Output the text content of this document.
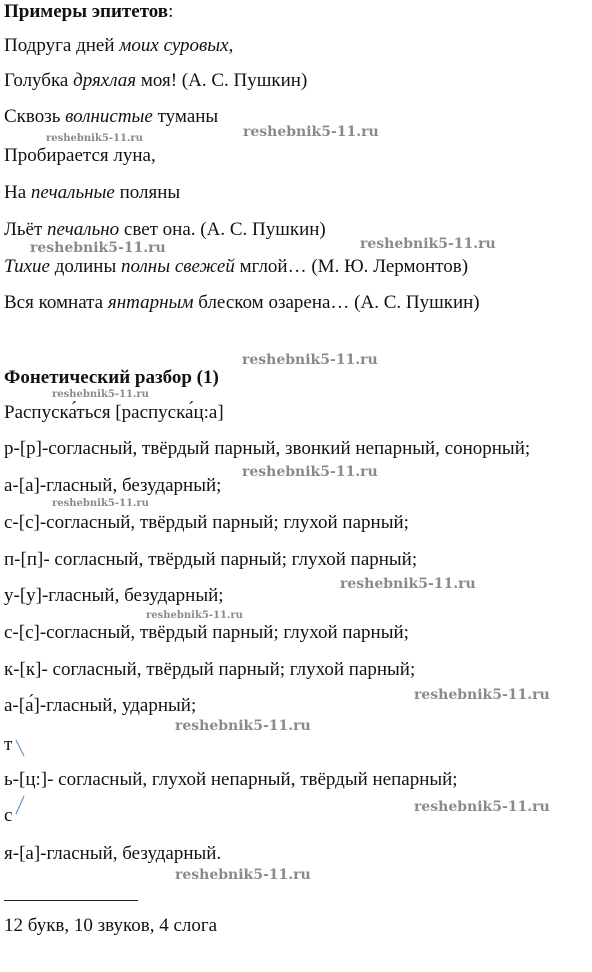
Примеры эпитетов:
Подруга дней моих суровых,
Голубка дряхлая моя! (А. С. Пушкин)
Сквозь волнистые туманы
Пробирается луна,
На печальные поляны
Льёт печально свет она. (А. С. Пушкин)
Тихие долины полны свежей мглой… (М. Ю. Лермонтов)
Вся комната янтарным блеском озарена… (А. С. Пушкин)
Фонетический разбор (1)
Распуска́ться [распуска́ц:а]
р-[р]-согласный, твёрдый парный, звонкий непарный, сонорный;
а-[а]-гласный, безударный;
с-[с]-согласный, твёрдый парный; глухой парный;
п-[п]- согласный, твёрдый парный; глухой парный;
у-[у]-гласный, безударный;
с-[с]-согласный, твёрдый парный; глухой парный;
к-[к]- согласный, твёрдый парный; глухой парный;
а-[а́]-гласный, ударный;
т
ь-[ц:]- согласный, глухой непарный, твёрдый непарный;
с
я-[а]-гласный, безударный.
12 букв, 10 звуков, 4 слога
reshebnik5-11.ru
reshebnik5-11.ru
reshebnik5-11.ru	reshebnik5-11.ru
reshebnik5-11.ru
reshebnik5-11.ru
reshebnik5-11.ru
reshebnik5-11.ru
reshebnik5-11.ru
reshebnik5-11.ru
reshebnik5-11.ru
reshebnik5-11.ru
reshebnik5-11.ru
reshebnik5-11.ru
